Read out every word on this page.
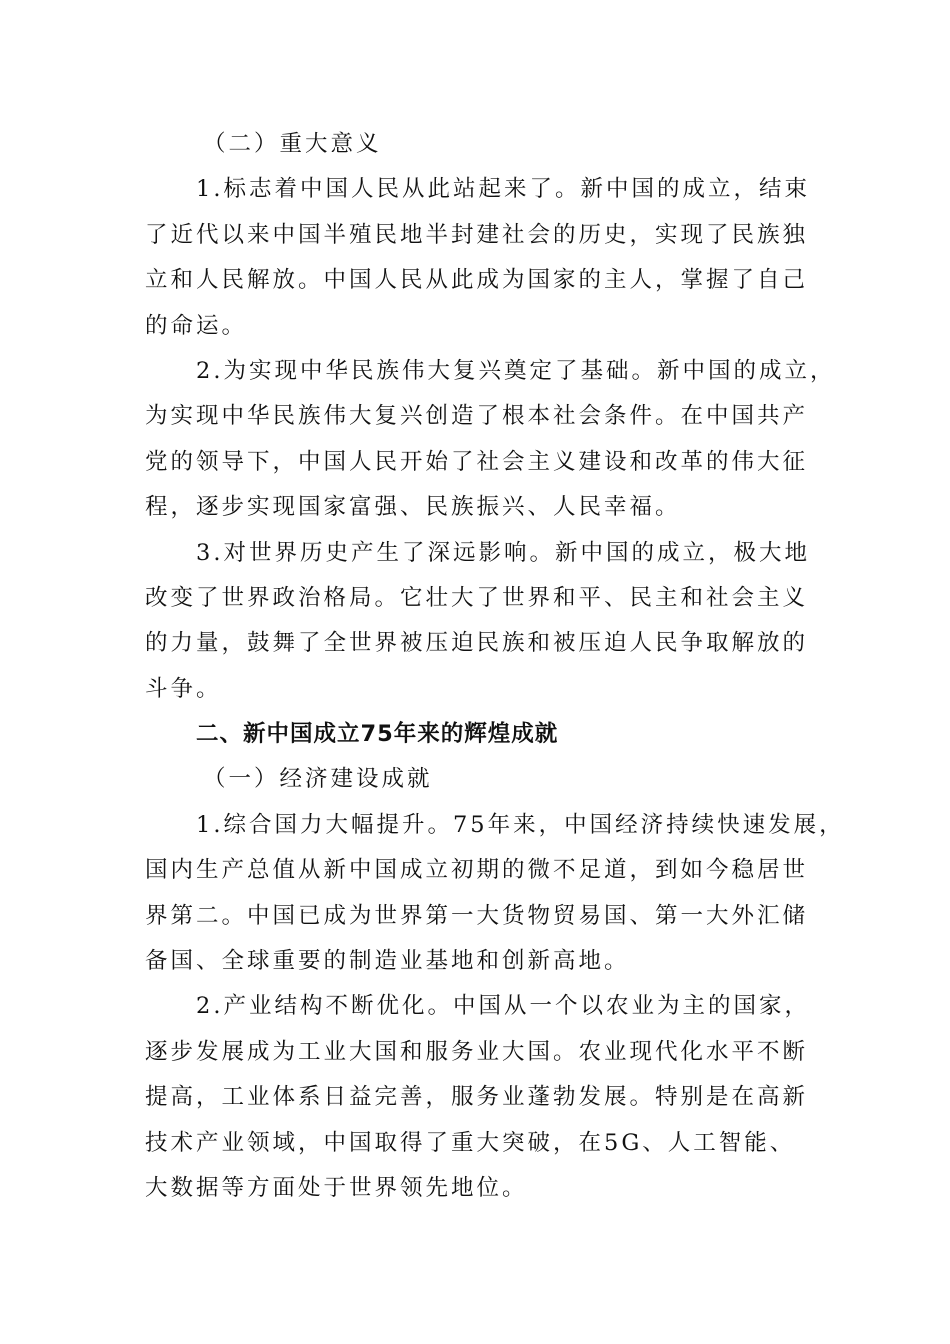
（二）重大意义
1.标志着中国人民从此站起来了。新中国的成立，结束
了近代以来中国半殖民地半封建社会的历史，实现了民族独
立和人民解放。中国人民从此成为国家的主人，掌握了自己
的命运。
2.为实现中华民族伟大复兴奠定了基础。新中国的成立，
为实现中华民族伟大复兴创造了根本社会条件。在中国共产
党的领导下，中国人民开始了社会主义建设和改革的伟大征
程，逐步实现国家富强、民族振兴、人民幸福。
3.对世界历史产生了深远影响。新中国的成立，极大地
改变了世界政治格局。它壮大了世界和平、民主和社会主义
的力量，鼓舞了全世界被压迫民族和被压迫人民争取解放的
斗争。
二、新中国成立75年来的辉煌成就
（一）经济建设成就
1.综合国力大幅提升。75年来，中国经济持续快速发展，
国内生产总值从新中国成立初期的微不足道，到如今稳居世
界第二。中国已成为世界第一大货物贸易国、第一大外汇储
备国、全球重要的制造业基地和创新高地。
2.产业结构不断优化。中国从一个以农业为主的国家，
逐步发展成为工业大国和服务业大国。农业现代化水平不断
提高，工业体系日益完善，服务业蓬勃发展。特别是在高新
技术产业领域，中国取得了重大突破，在5G、人工智能、
大数据等方面处于世界领先地位。
